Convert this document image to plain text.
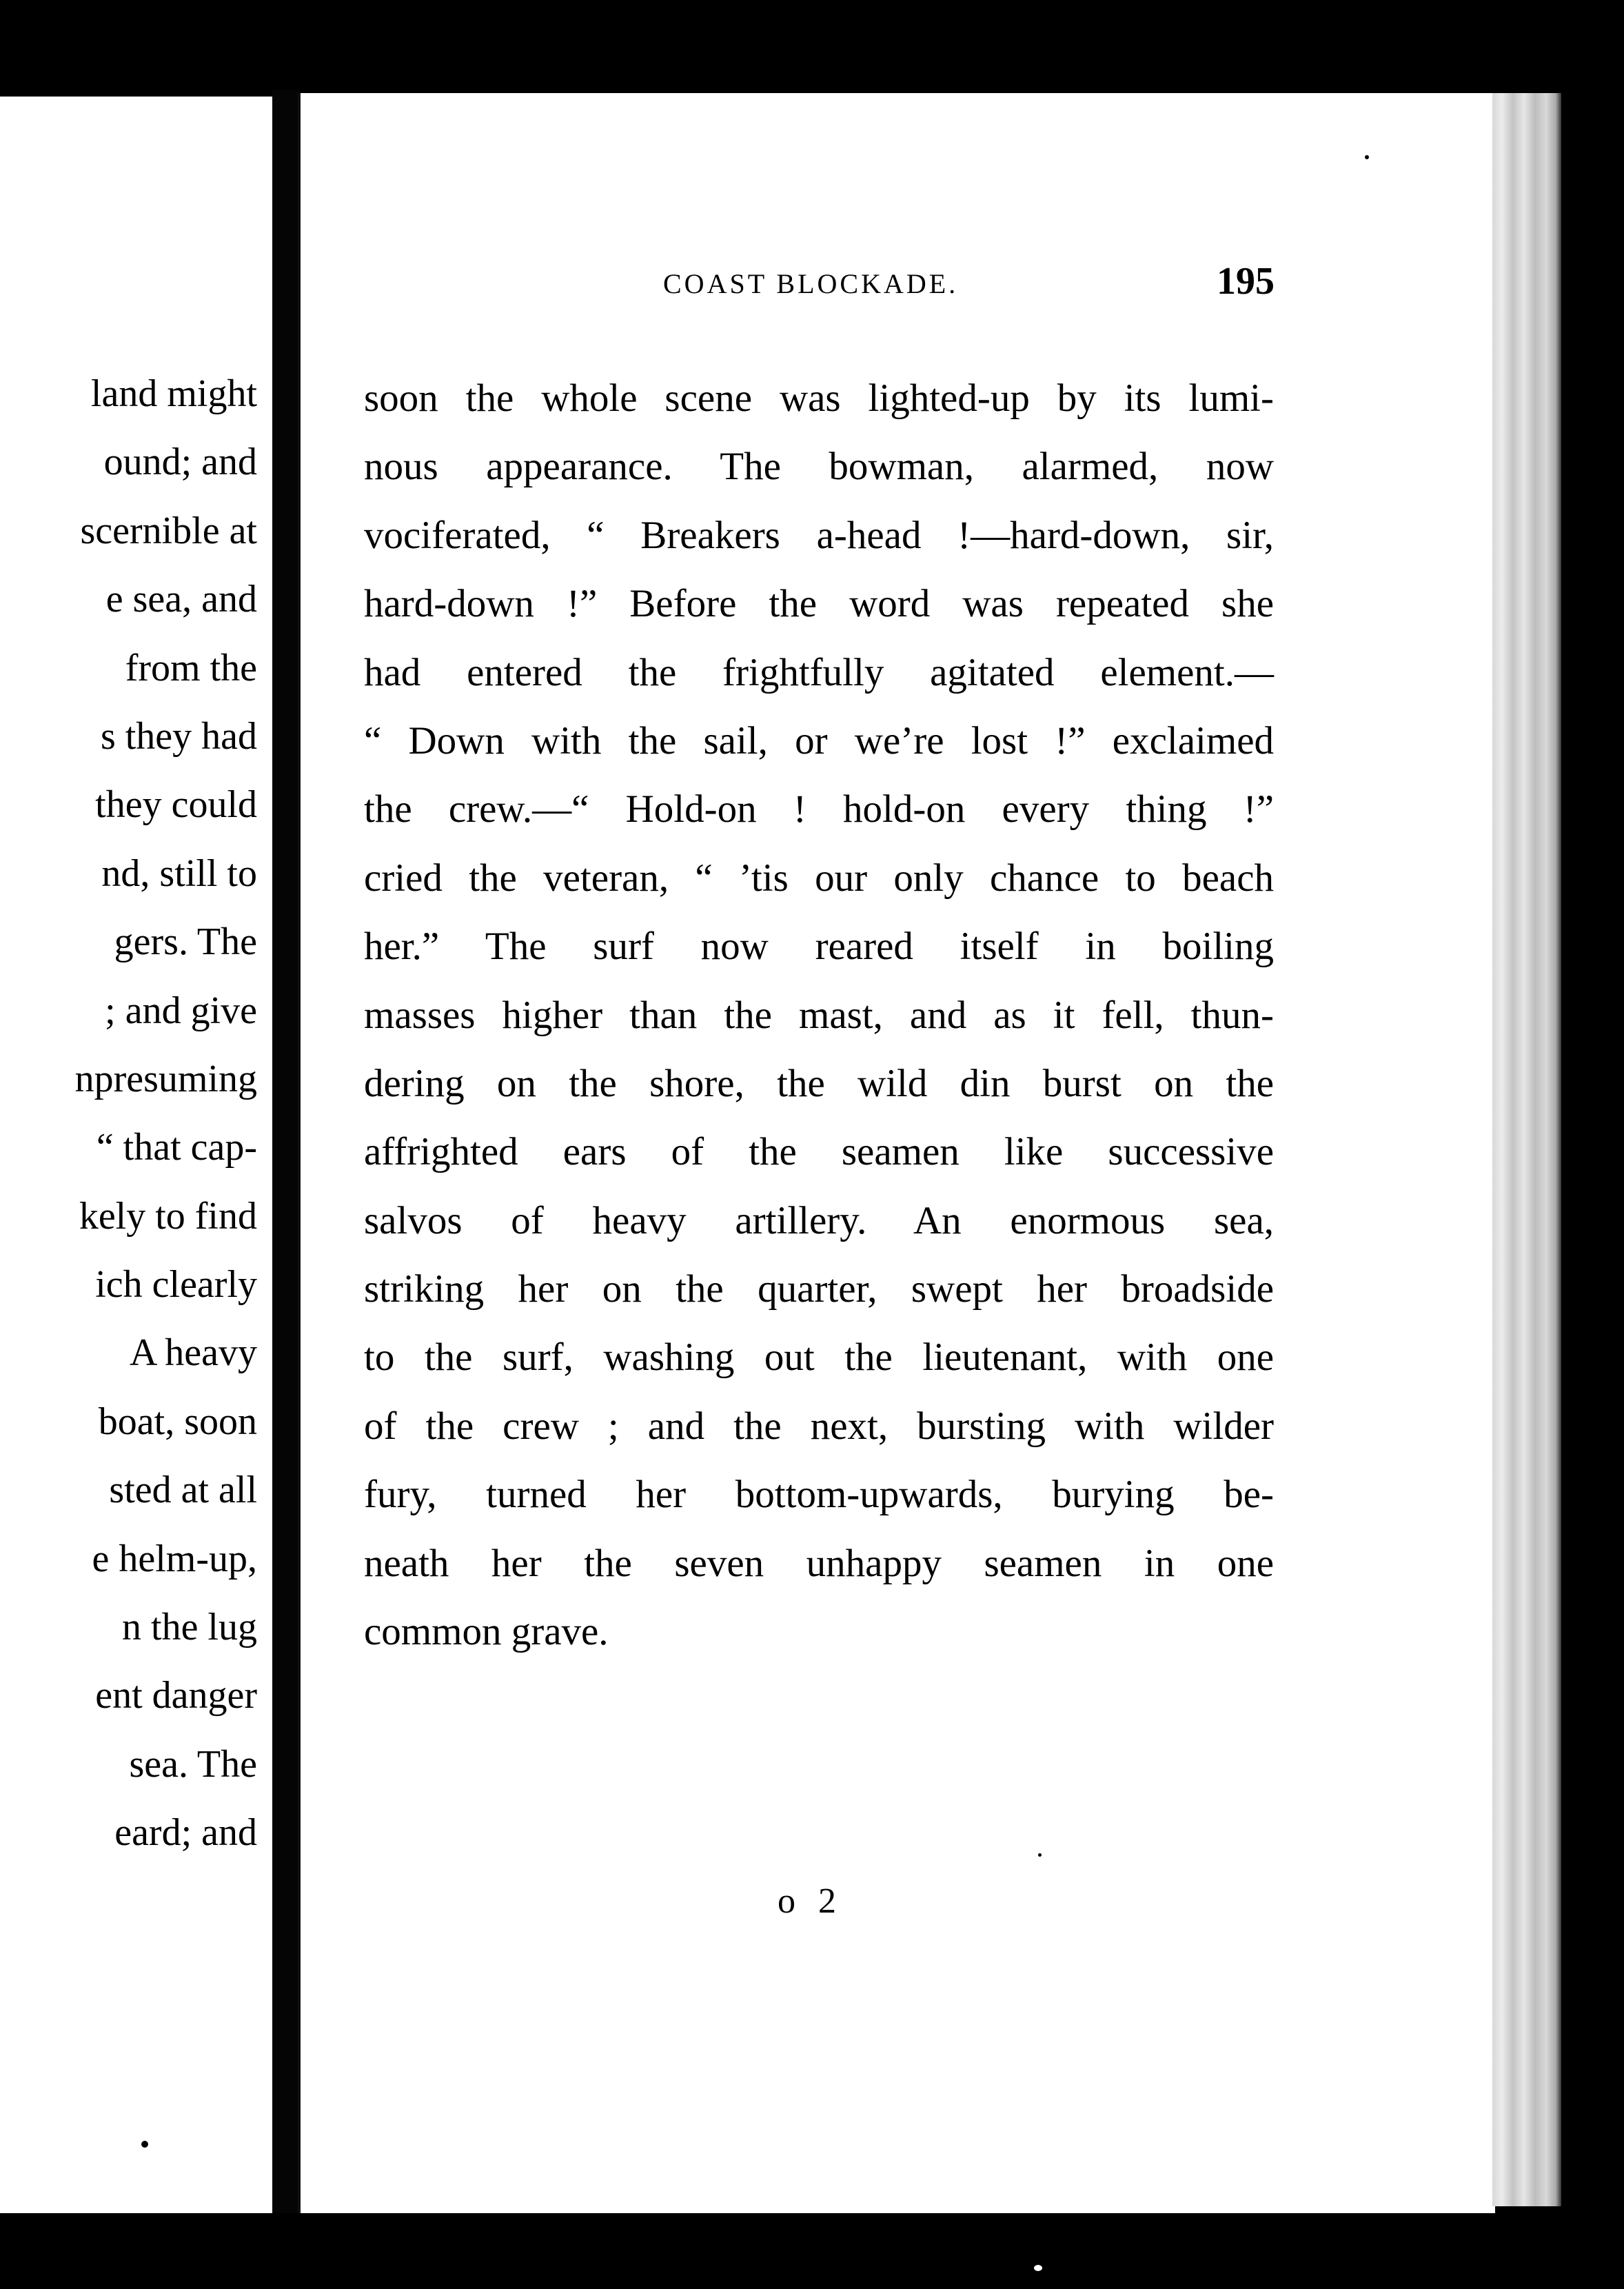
land might
ound; and
scernible at
e sea, and
from the
s they had
they could
nd, still to
gers. The
; and give
npresuming
“ that cap-
kely to find
ich clearly
A heavy
boat, soon
sted at all
e helm-up,
n the lug
ent danger
sea. The
eard; and
COAST BLOCKADE.	195
soon the whole scene was lighted-up by its lumi-
nous appearance. The bowman, alarmed, now
vociferated, “ Breakers a-head !—hard-down, sir,
hard-down !” Before the word was repeated she
had entered the frightfully agitated element.—
“ Down with the sail, or we’re lost !” exclaimed
the crew.—“ Hold-on ! hold-on every thing !”
cried the veteran, “ ’tis our only chance to beach
her.” The surf now reared itself in boiling
masses higher than the mast, and as it fell, thun-
dering on the shore, the wild din burst on the
affrighted ears of the seamen like successive
salvos of heavy artillery. An enormous sea,
striking her on the quarter, swept her broadside
to the surf, washing out the lieutenant, with one
of the crew ; and the next, bursting with wilder
fury, turned her bottom-upwards, burying be-
neath her the seven unhappy seamen in one
common grave.
o 2
